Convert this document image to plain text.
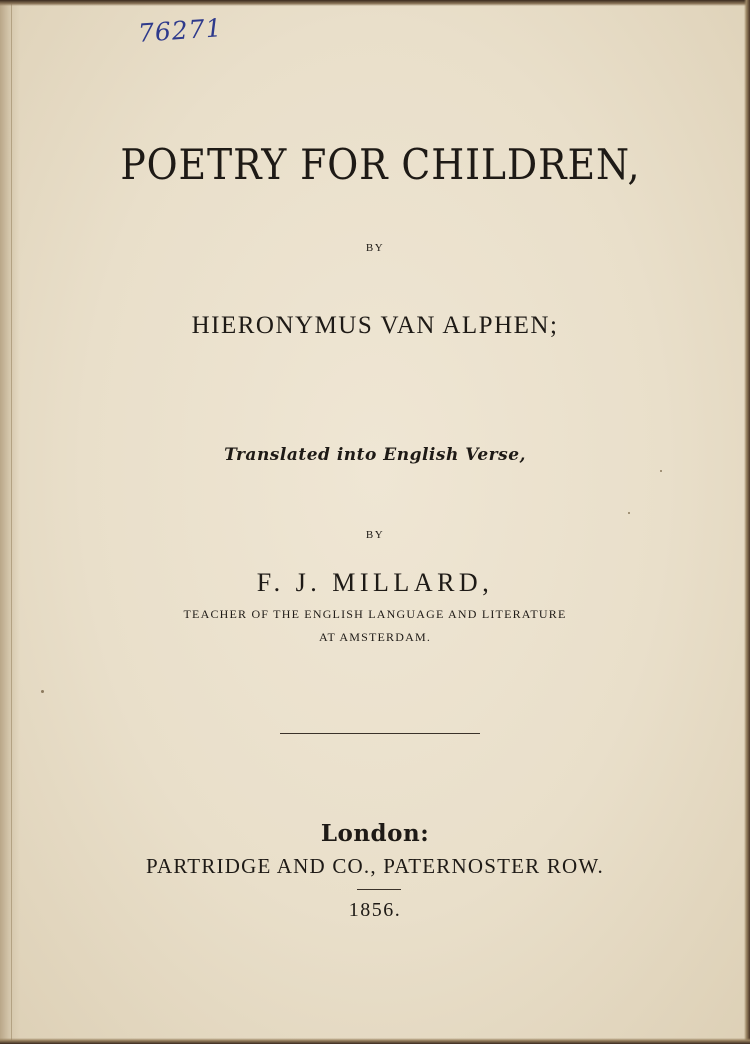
76271
POETRY FOR CHILDREN,
BY
HIERONYMUS VAN ALPHEN;
Translated into English Verse,
BY
F. J. MILLARD,
TEACHER OF THE ENGLISH LANGUAGE AND LITERATURE
AT AMSTERDAM.
London:
PARTRIDGE AND CO., PATERNOSTER ROW.
1856.
